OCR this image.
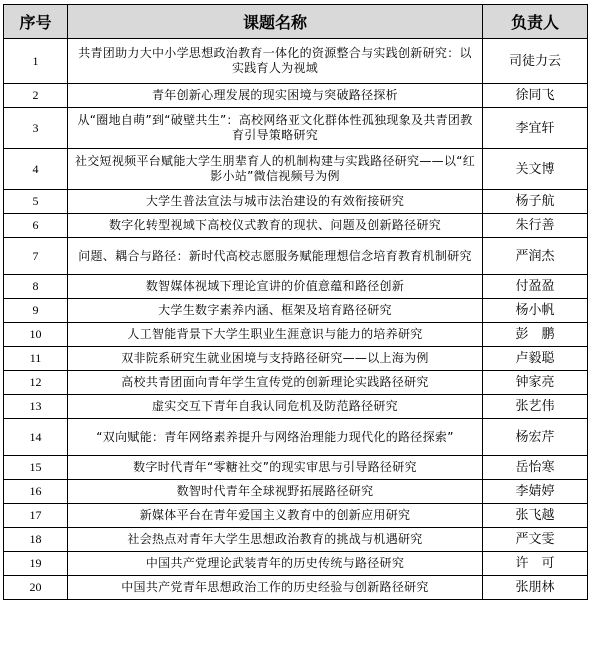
序号	课题名称	负责人
1	共青团助力大中小学思想政治教育一体化的资源整合与实践创新研究：以实践育人为视域	司徒力云
2	青年创新心理发展的现实困境与突破路径探析	徐同飞
3	从“圈地自萌”到“破壁共生”：高校网络亚文化群体性孤独现象及共青团教育引导策略研究	李宜轩
4	社交短视频平台赋能大学生朋辈育人的机制构建与实践路径研究——以“红影小站”微信视频号为例	关文博
5	大学生普法宣法与城市法治建设的有效衔接研究	杨子航
6	数字化转型视域下高校仪式教育的现状、问题及创新路径研究	朱行善
7	问题、耦合与路径：新时代高校志愿服务赋能理想信念培育教育机制研究	严润杰
8	数智媒体视域下理论宣讲的价值意蕴和路径创新	付盈盈
9	大学生数字素养内涵、框架及培育路径研究	杨小帆
10	人工智能背景下大学生职业生涯意识与能力的培养研究	彭　鹏
11	双非院系研究生就业困境与支持路径研究——以上海为例	卢毅聪
12	高校共青团面向青年学生宣传党的创新理论实践路径研究	钟家亮
13	虚实交互下青年自我认同危机及防范路径研究	张艺伟
14	“双向赋能：青年网络素养提升与网络治理能力现代化的路径探索”	杨宏芹
15	数字时代青年“零糖社交”的现实审思与引导路径研究	岳怡寒
16	数智时代青年全球视野拓展路径研究	李婧婷
17	新媒体平台在青年爱国主义教育中的创新应用研究	张飞越
18	社会热点对青年大学生思想政治教育的挑战与机遇研究	严文雯
19	中国共产党理论武装青年的历史传统与路径研究	许　可
20	中国共产党青年思想政治工作的历史经验与创新路径研究	张朋林
